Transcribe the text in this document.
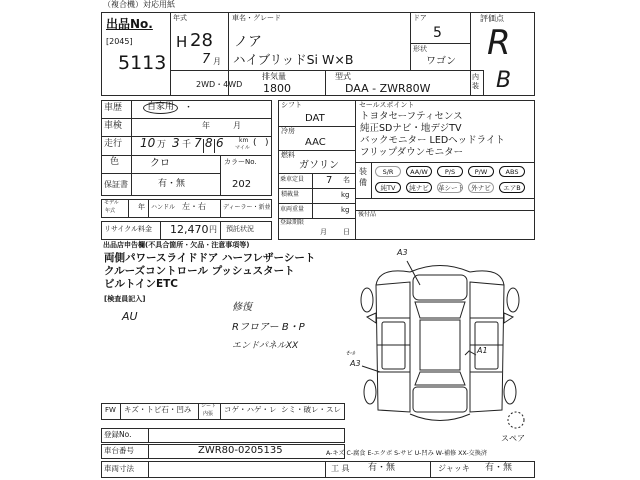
（複合機）対応用紙
出品No.
[2045]
5113
年式
H 28
7 月
車名・グレード
ノア
ハイブリッドSi W×B
ドア
5
形状
ワゴン
評価点
R
内装 B
2WD・4WD
排気量
1800
型式
DAA - ZWR80W
車歴	自家用	・
車検	年	月
走行 10 万 3 千 7 8 6	km
マイル ( )
色	クロ	カラーNo.
202
保証書	有・無
モデル
年式	年 ハンドル 左・右	ディーラー・新並
リサイクル料金 12,470 円 預託状況
シフト
DAT
冷房
AAC
燃料
ガソリン
乗車定員 7 名
積載量	kg
車両重量	kg
登録期限
月 日
セールスポイント
トヨタセーフティセンス
純正SDナビ・地デジTV
バックモニター LEDヘッドライト
フリップダウンモニター
装備
S/R	AA/W	P/S	P/W	ABS
純TV	純ナビ	革シート	外ナビ	エアB
後付品
出品店申告欄(不具合箇所・欠品・注意事項等)
両側パワースライドドア ハーフレザーシート
クルーズコントロール プッシュスタート
ビルトインETC
[検査員記入]
AU
修復
Rフロアー B・P
エンドパネルXX
A3
A1
ﾓｰﾙ
A3
スペア
FW キズ・トビ石・凹み シート
内張 コゲ・ハゲ・レ シミ・破レ・スレ
登録No.
車台番号	ZWR80-0205135	A-キズ C-腐食 E-エクボ S-サビ U-凹み W-補修 XX-交換済
車両寸法	工 具 有・無	ジャッキ 有・無
